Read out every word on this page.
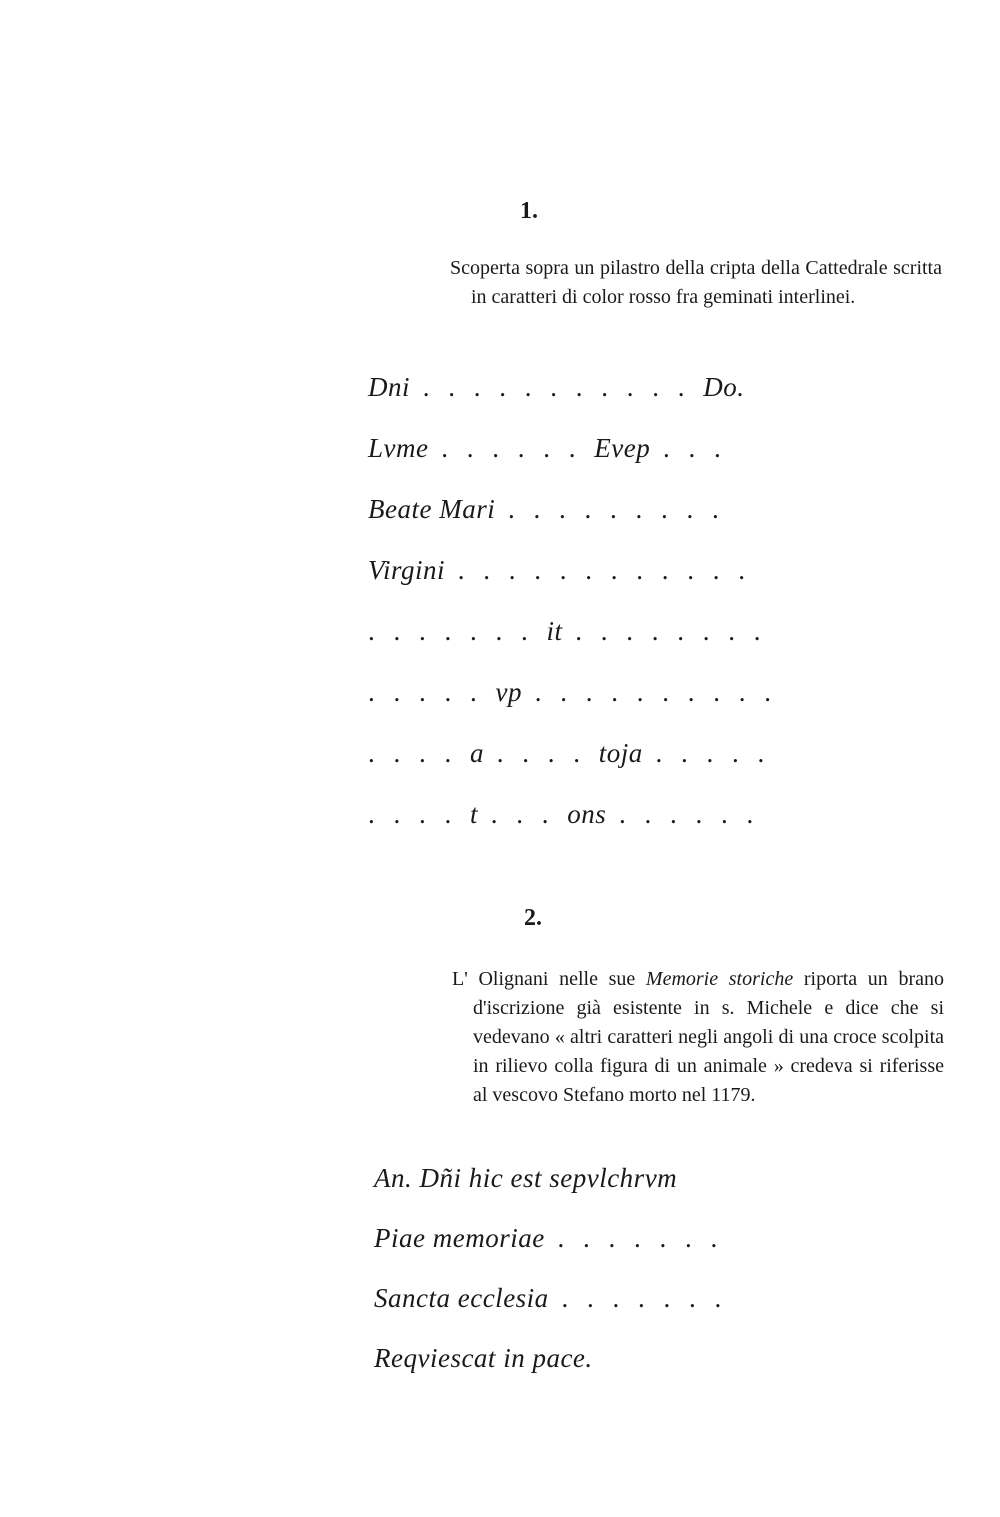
1.

Scoperta sopra un pilastro della cripta della Cattedrale scritta in caratteri di color rosso fra geminati interlinei.

Dni . . . . . . . . . . . Do.
Lvme . . . . . . Evep . . .
Beate Mari . . . . . . . . .
Virgini . . . . . . . . . . . .
. . . . . . . it . . . . . . . .
. . . . . vp . . . . . . . . . .
. . . . a . . . . toja . . . . .
. . . . t . . . ons . . . . . .
2.

L' Olignani nelle sue Memorie storiche riporta un brano d'iscrizione già esistente in s. Michele e dice che si vedevano « altri caratteri negli angoli di una croce scolpita in rilievo colla figura di un animale » credeva si riferisse al vescovo Stefano morto nel 1179.

An. Dñi hic est sepvlchrvm
Piae memoriae . . . . . . .
Sancta ecclesia . . . . . . .
Reqviescat in pace.
